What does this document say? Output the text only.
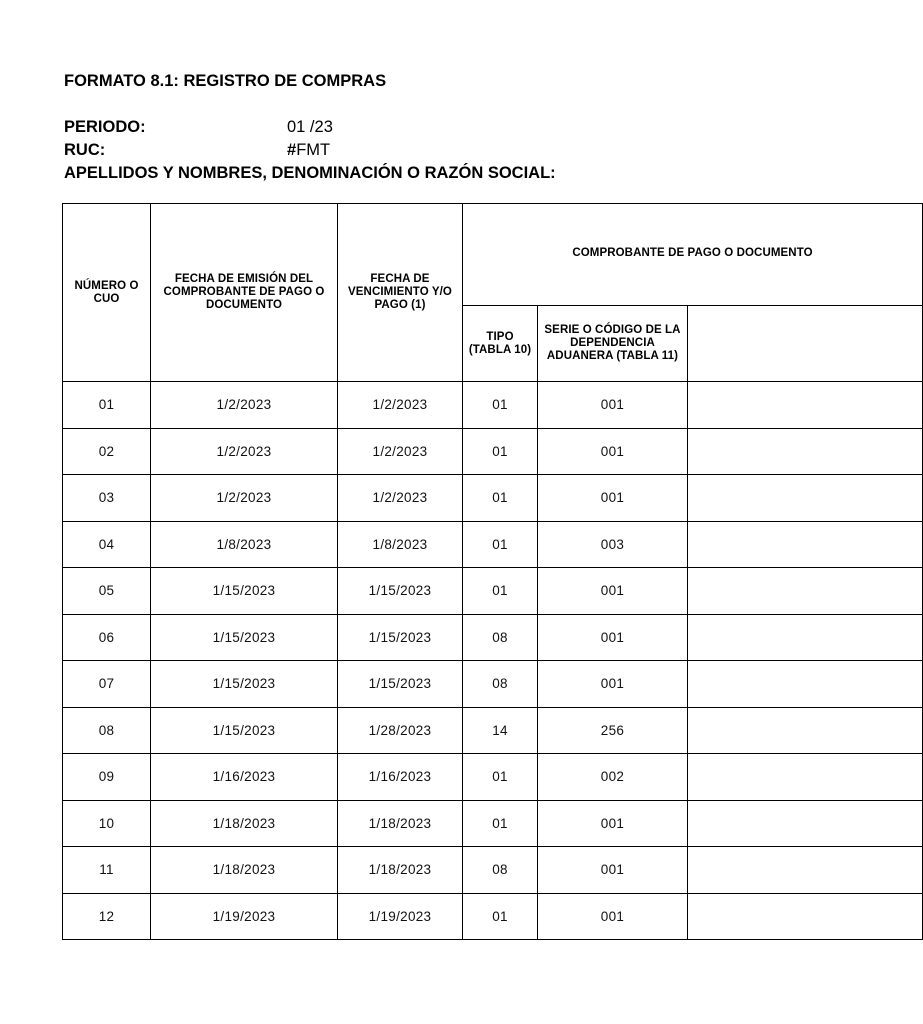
FORMATO 8.1: REGISTRO DE COMPRAS
PERIODO:	01 /23
RUC:	#FMT
APELLIDOS Y NOMBRES, DENOMINACIÓN O RAZÓN SOCIAL:
NÚMERO O CUO	FECHA DE EMISIÓN DEL COMPROBANTE DE PAGO O DOCUMENTO	FECHA DE VENCIMIENTO Y/O PAGO (1)	COMPROBANTE DE PAGO O DOCUMENTO		
			TIPO (TABLA 10)	SERIE O CÓDIGO DE LA DEPENDENCIA ADUANERA (TABLA 11)	
01	1/2/2023	1/2/2023	01	001	
02	1/2/2023	1/2/2023	01	001	
03	1/2/2023	1/2/2023	01	001	
04	1/8/2023	1/8/2023	01	003	
05	1/15/2023	1/15/2023	01	001	
06	1/15/2023	1/15/2023	08	001	
07	1/15/2023	1/15/2023	08	001	
08	1/15/2023	1/28/2023	14	256	
09	1/16/2023	1/16/2023	01	002	
10	1/18/2023	1/18/2023	01	001	
11	1/18/2023	1/18/2023	08	001	
12	1/19/2023	1/19/2023	01	001	
